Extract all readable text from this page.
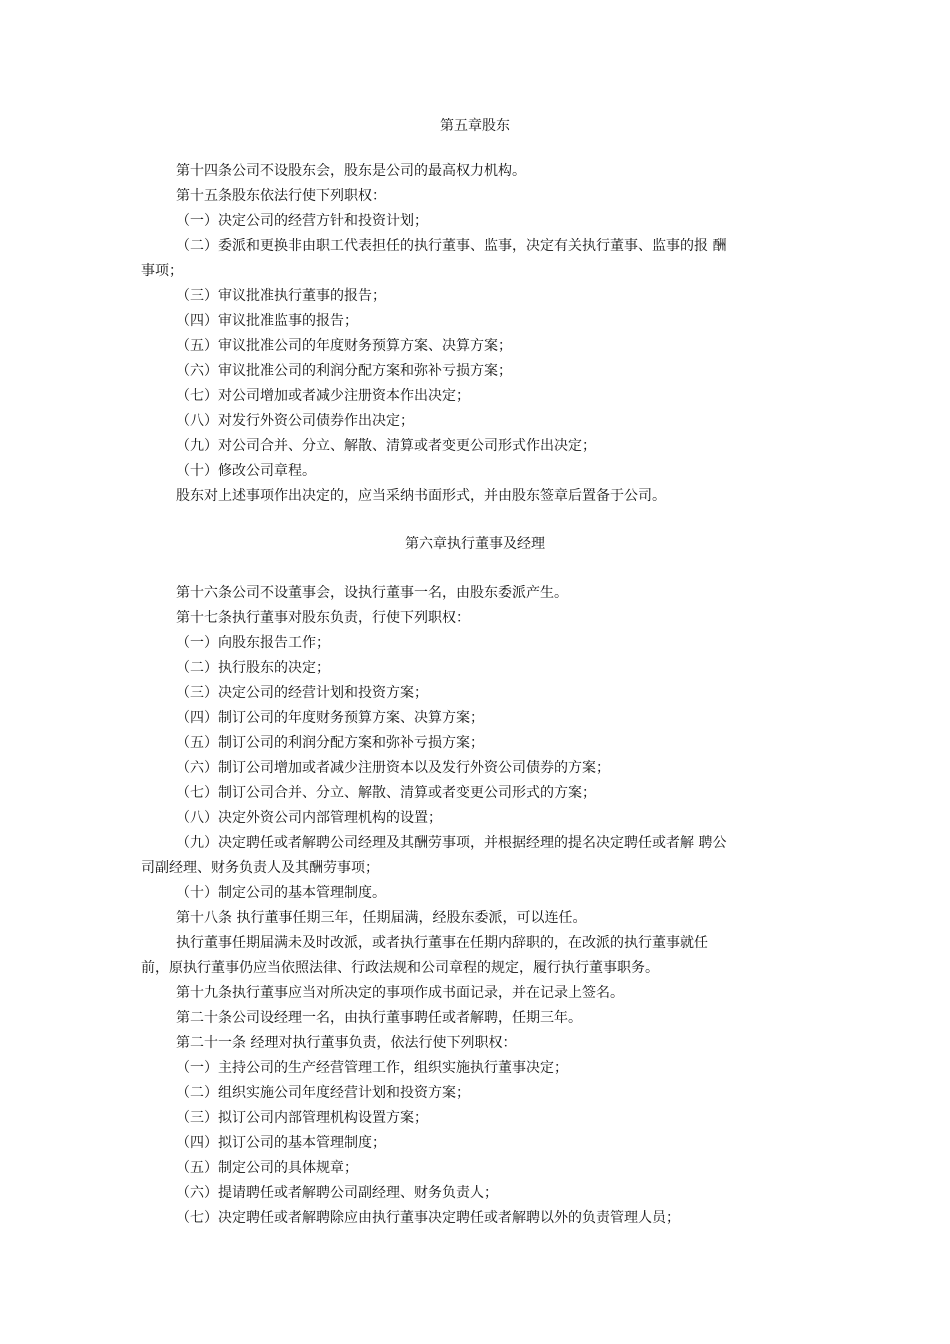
第五章股东
第十四条公司不设股东会，股东是公司的最高权力机构。
第十五条股东依法行使下列职权：
（一）决定公司的经营方针和投资计划；
（二）委派和更换非由职工代表担任的执行董事、监事，决定有关执行董事、监事的报 酬
事项；
（三）审议批准执行董事的报告；
（四）审议批准监事的报告；
（五）审议批准公司的年度财务预算方案、决算方案；
（六）审议批准公司的利润分配方案和弥补亏损方案；
（七）对公司增加或者减少注册资本作出决定；
（八）对发行外资公司债券作出决定；
（九）对公司合并、分立、解散、清算或者变更公司形式作出决定；
（十）修改公司章程。
股东对上述事项作出决定的，应当采纳书面形式，并由股东签章后置备于公司。
第六章执行董事及经理
第十六条公司不设董事会，设执行董事一名，由股东委派产生。
第十七条执行董事对股东负责，行使下列职权：
（一）向股东报告工作；
（二）执行股东的决定；
（三）决定公司的经营计划和投资方案；
（四）制订公司的年度财务预算方案、决算方案；
（五）制订公司的利润分配方案和弥补亏损方案；
（六）制订公司增加或者减少注册资本以及发行外资公司债券的方案；
（七）制订公司合并、分立、解散、清算或者变更公司形式的方案；
（八）决定外资公司内部管理机构的设置；
（九）决定聘任或者解聘公司经理及其酬劳事项，并根据经理的提名决定聘任或者解 聘公
司副经理、财务负责人及其酬劳事项；
（十）制定公司的基本管理制度。
第十八条 执行董事任期三年，任期届满，经股东委派，可以连任。
执行董事任期届满未及时改派，或者执行董事在任期内辞职的，在改派的执行董事就任
前，原执行董事仍应当依照法律、行政法规和公司章程的规定，履行执行董事职务。
第十九条执行董事应当对所决定的事项作成书面记录，并在记录上签名。
第二十条公司设经理一名，由执行董事聘任或者解聘，任期三年。
第二十一条 经理对执行董事负责，依法行使下列职权：
（一）主持公司的生产经营管理工作，组织实施执行董事决定；
（二）组织实施公司年度经营计划和投资方案；
（三）拟订公司内部管理机构设置方案；
（四）拟订公司的基本管理制度；
（五）制定公司的具体规章；
（六）提请聘任或者解聘公司副经理、财务负责人；
（七）决定聘任或者解聘除应由执行董事决定聘任或者解聘以外的负责管理人员；
